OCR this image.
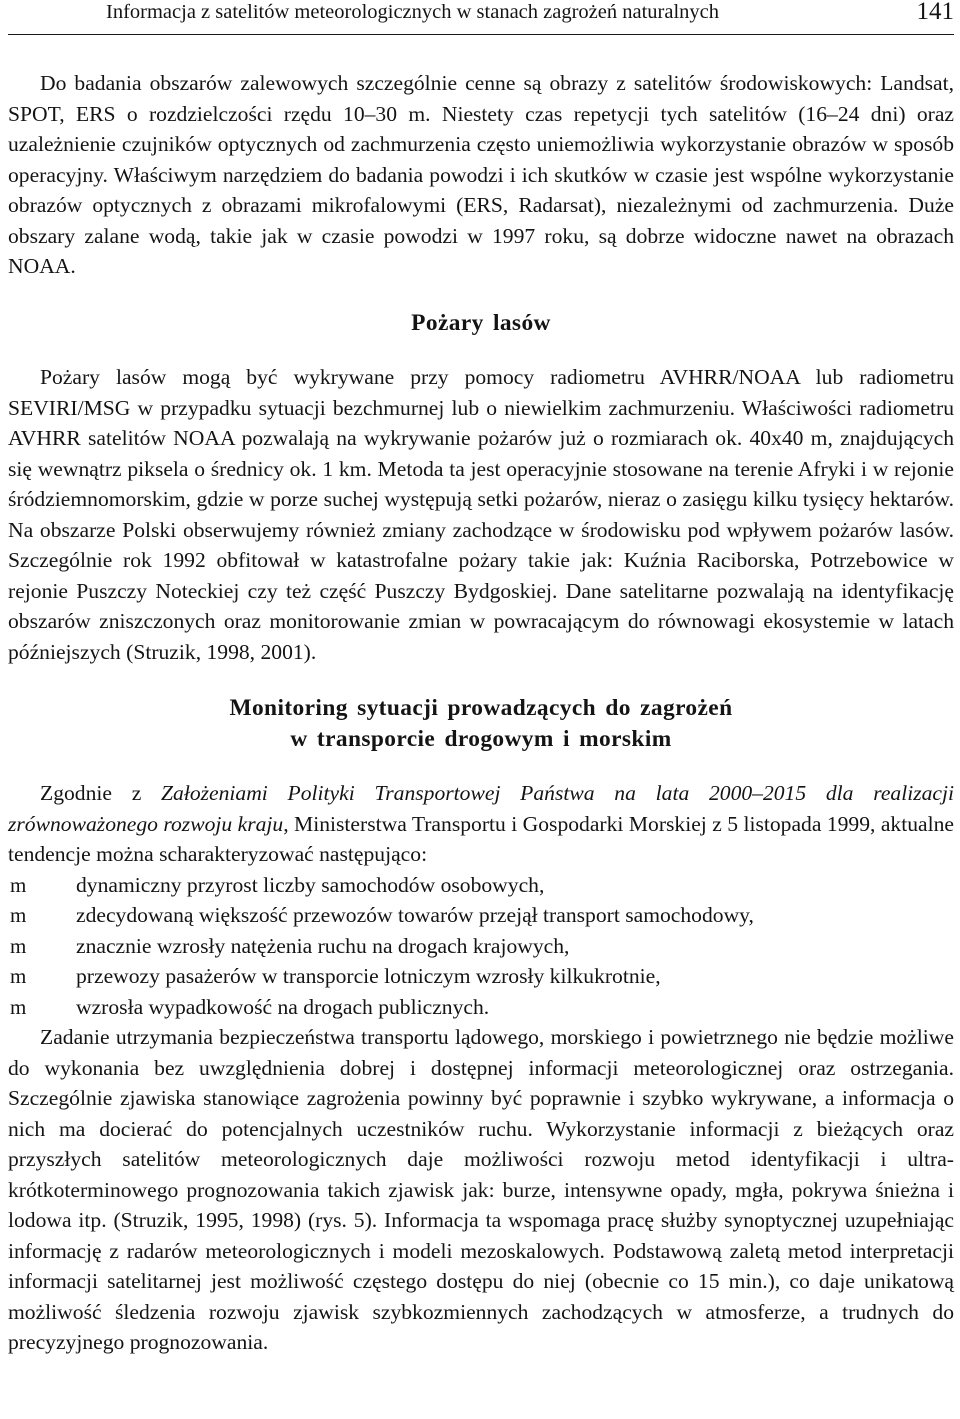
Informacja z satelitów meteorologicznych w stanach zagrożeń naturalnych	141

Do badania obszarów zalewowych szczególnie cenne są obrazy z satelitów środowiskowych: Landsat, SPOT, ERS o rozdzielczości rzędu 10–30 m. Niestety czas repetycji tych satelitów (16–24 dni) oraz uzależnienie czujników optycznych od zachmurzenia często uniemożliwia wykorzystanie obrazów w sposób operacyjny. Właściwym narzędziem do badania powodzi i ich skutków w czasie jest wspólne wykorzystanie obrazów optycznych z obrazami mikrofalowymi (ERS, Radarsat), niezależnymi od zachmurzenia. Duże obszary zalane wodą, takie jak w czasie powodzi w 1997 roku, są dobrze widoczne nawet na obrazach NOAA.

Pożary lasów

Pożary lasów mogą być wykrywane przy pomocy radiometru AVHRR/NOAA lub radiometru SEVIRI/MSG w przypadku sytuacji bezchmurnej lub o niewielkim zachmurzeniu. Właściwości radiometru AVHRR satelitów NOAA pozwalają na wykrywanie pożarów już o rozmiarach ok. 40x40 m, znajdujących się wewnątrz piksela o średnicy ok. 1 km. Metoda ta jest operacyjnie stosowane na terenie Afryki i w rejonie śródziemnomorskim, gdzie w porze suchej występują setki pożarów, nieraz o zasięgu kilku tysięcy hektarów. Na obszarze Polski obserwujemy również zmiany zachodzące w środowisku pod wpływem pożarów lasów. Szczególnie rok 1992 obfitował w katastrofalne pożary takie jak: Kuźnia Raciborska, Potrzebowice w rejonie Puszczy Noteckiej czy też część Puszczy Bydgoskiej. Dane satelitarne pozwalają na identyfikację obszarów zniszczonych oraz monitorowanie zmian w powracającym do równowagi ekosystemie w latach późniejszych (Struzik, 1998, 2001).

Monitoring sytuacji prowadzących do zagrożeń
w transporcie drogowym i morskim

Zgodnie z Założeniami Polityki Transportowej Państwa na lata 2000–2015 dla realizacji zrównoważonego rozwoju kraju, Ministerstwa Transportu i Gospodarki Morskiej z 5 listopada 1999, aktualne tendencje można scharakteryzować następująco:

m dynamiczny przyrost liczby samochodów osobowych,
m zdecydowaną większość przewozów towarów przejął transport samochodowy,
m znacznie wzrosły natężenia ruchu na drogach krajowych,
m przewozy pasażerów w transporcie lotniczym wzrosły kilkukrotnie,
m wzrosła wypadkowość na drogach publicznych.

Zadanie utrzymania bezpieczeństwa transportu lądowego, morskiego i powietrznego nie będzie możliwe do wykonania bez uwzględnienia dobrej i dostępnej informacji meteorologicznej oraz ostrzegania. Szczególnie zjawiska stanowiące zagrożenia powinny być poprawnie i szybko wykrywane, a informacja o nich ma docierać do potencjalnych uczestników ruchu. Wykorzystanie informacji z bieżących oraz przyszłych satelitów meteorologicznych daje możliwości rozwoju metod identyfikacji i ultra-krótkoterminowego prognozowania takich zjawisk jak: burze, intensywne opady, mgła, pokrywa śnieżna i lodowa itp. (Struzik, 1995, 1998) (rys. 5). Informacja ta wspomaga pracę służby synoptycznej uzupełniając informację z radarów meteorologicznych i modeli mezoskalowych. Podstawową zaletą metod interpretacji informacji satelitarnej jest możliwość częstego dostępu do niej (obecnie co 15 min.), co daje unikatową możliwość śledzenia rozwoju zjawisk szybkozmiennych zachodzących w atmosferze, a trudnych do precyzyjnego prognozowania.
